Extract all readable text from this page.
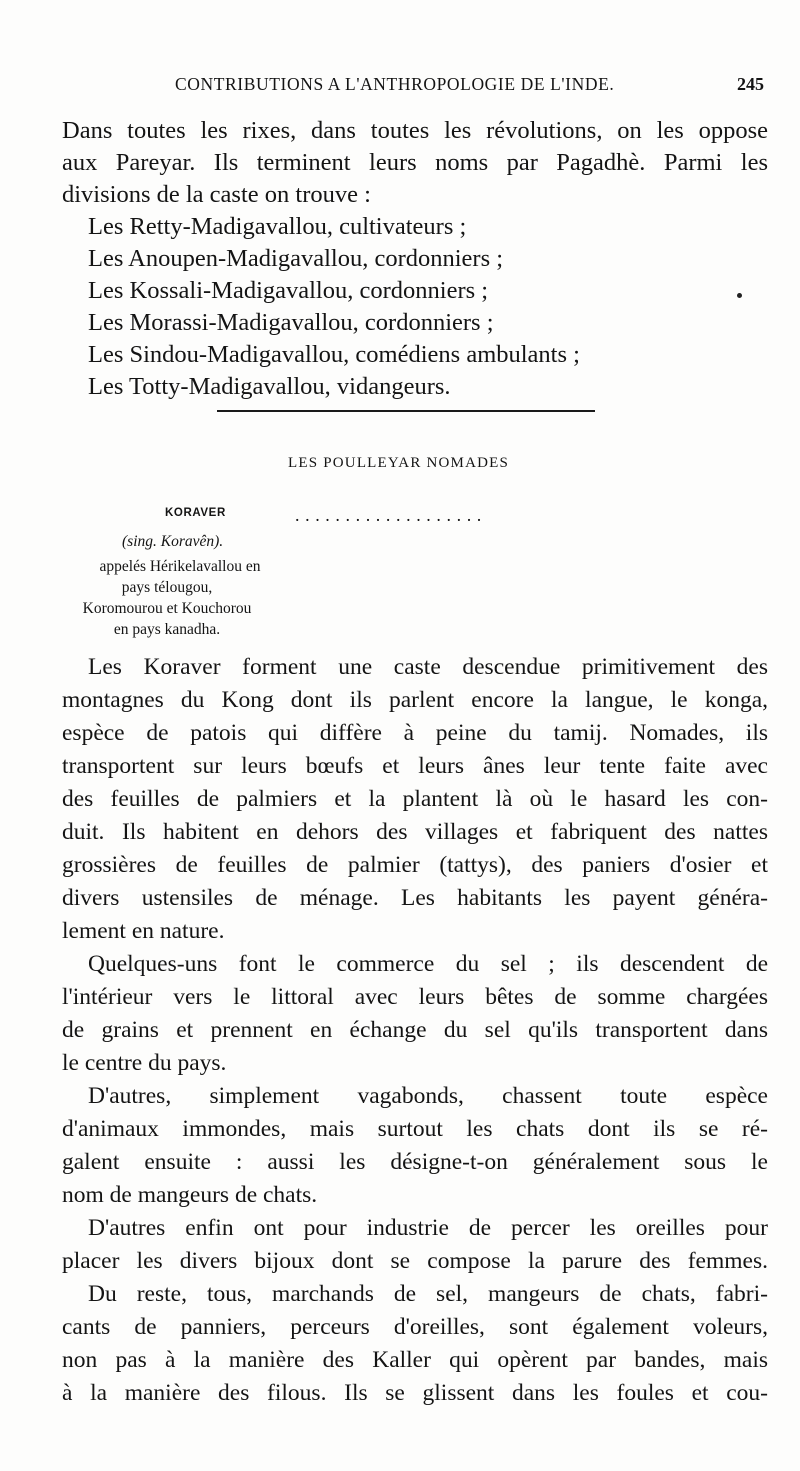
CONTRIBUTIONS A L'ANTHROPOLOGIE DE L'INDE.	245
Dans toutes les rixes, dans toutes les révolutions, on les oppose
aux Pareyar. Ils terminent leurs noms par Pagadhè. Parmi les
divisions de la caste on trouve :
Les Retty-Madigavallou, cultivateurs ;
Les Anoupen-Madigavallou, cordonniers ;
Les Kossali-Madigavallou, cordonniers ;
Les Morassi-Madigavallou, cordonniers ;
Les Sindou-Madigavallou, comédiens ambulants ;
Les Totty-Madigavallou, vidangeurs.
LES POULLEYAR NOMADES
KORAVER	...................
(sing. Koravên).
appelés Hérikelavallou en
pays télougou,
Koromourou et Kouchorou
en pays kanadha.
Les Koraver forment une caste descendue primitivement des
montagnes du Kong dont ils parlent encore la langue, le konga,
espèce de patois qui diffère à peine du tamij. Nomades, ils
transportent sur leurs bœufs et leurs ânes leur tente faite avec
des feuilles de palmiers et la plantent là où le hasard les con-
duit. Ils habitent en dehors des villages et fabriquent des nattes
grossières de feuilles de palmier (tattys), des paniers d'osier et
divers ustensiles de ménage. Les habitants les payent généra-
lement en nature.
Quelques-uns font le commerce du sel ; ils descendent de
l'intérieur vers le littoral avec leurs bêtes de somme chargées
de grains et prennent en échange du sel qu'ils transportent dans
le centre du pays.
D'autres, simplement vagabonds, chassent toute espèce
d'animaux immondes, mais surtout les chats dont ils se ré-
galent ensuite : aussi les désigne-t-on généralement sous le
nom de mangeurs de chats.
D'autres enfin ont pour industrie de percer les oreilles pour
placer les divers bijoux dont se compose la parure des femmes.
Du reste, tous, marchands de sel, mangeurs de chats, fabri-
cants de panniers, perceurs d'oreilles, sont également voleurs,
non pas à la manière des Kaller qui opèrent par bandes, mais
à la manière des filous. Ils se glissent dans les foules et cou-
